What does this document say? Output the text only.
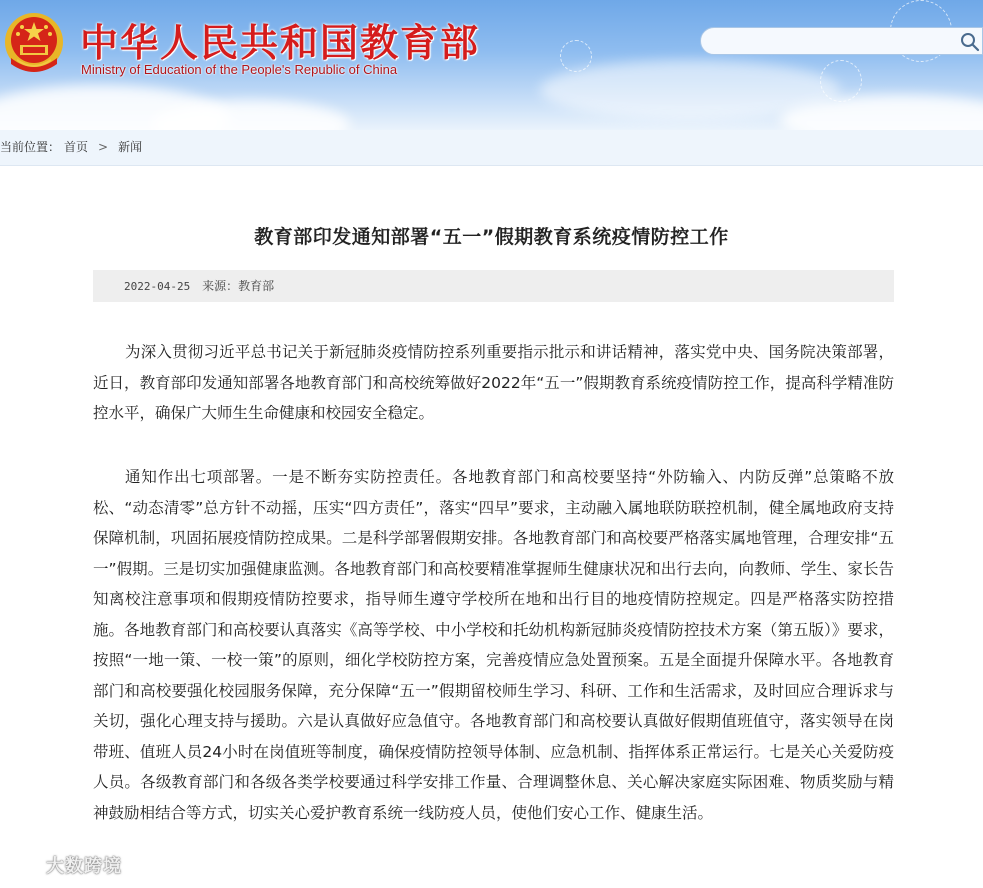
中华人民共和国教育部
Ministry of Education of the People's Republic of China
当前位置： 首页 > 新闻
教育部印发通知部署“五一”假期教育系统疫情防控工作
2022-04-25 来源：教育部

为深入贯彻习近平总书记关于新冠肺炎疫情防控系列重要指示批示和讲话精神，落实党中央、国务院决策部署，近日，教育部印发通知部署各地教育部门和高校统筹做好2022年“五一”假期教育系统疫情防控工作，提高科学精准防控水平，确保广大师生生命健康和校园安全稳定。

通知作出七项部署。一是不断夯实防控责任。各地教育部门和高校要坚持“外防输入、内防反弹”总策略不放松、“动态清零”总方针不动摇，压实“四方责任”，落实“四早”要求，主动融入属地联防联控机制，健全属地政府支持保障机制，巩固拓展疫情防控成果。二是科学部署假期安排。各地教育部门和高校要严格落实属地管理，合理安排“五一”假期。三是切实加强健康监测。各地教育部门和高校要精准掌握师生健康状况和出行去向，向教师、学生、家长告知离校注意事项和假期疫情防控要求，指导师生遵守学校所在地和出行目的地疫情防控规定。四是严格落实防控措施。各地教育部门和高校要认真落实《高等学校、中小学校和托幼机构新冠肺炎疫情防控技术方案（第五版）》要求，按照“一地一策、一校一策”的原则，细化学校防控方案，完善疫情应急处置预案。五是全面提升保障水平。各地教育部门和高校要强化校园服务保障，充分保障“五一”假期留校师生学习、科研、工作和生活需求，及时回应合理诉求与关切，强化心理支持与援助。六是认真做好应急值守。各地教育部门和高校要认真做好假期值班值守，落实领导在岗带班、值班人员24小时在岗值班等制度，确保疫情防控领导体制、应急机制、指挥体系正常运行。七是关心关爱防疫人员。各级教育部门和各级各类学校要通过科学安排工作量、合理调整休息、关心解决家庭实际困难、物质奖励与精神鼓励相结合等方式，切实关心爱护教育系统一线防疫人员，使他们安心工作、健康生活。

大数跨境
